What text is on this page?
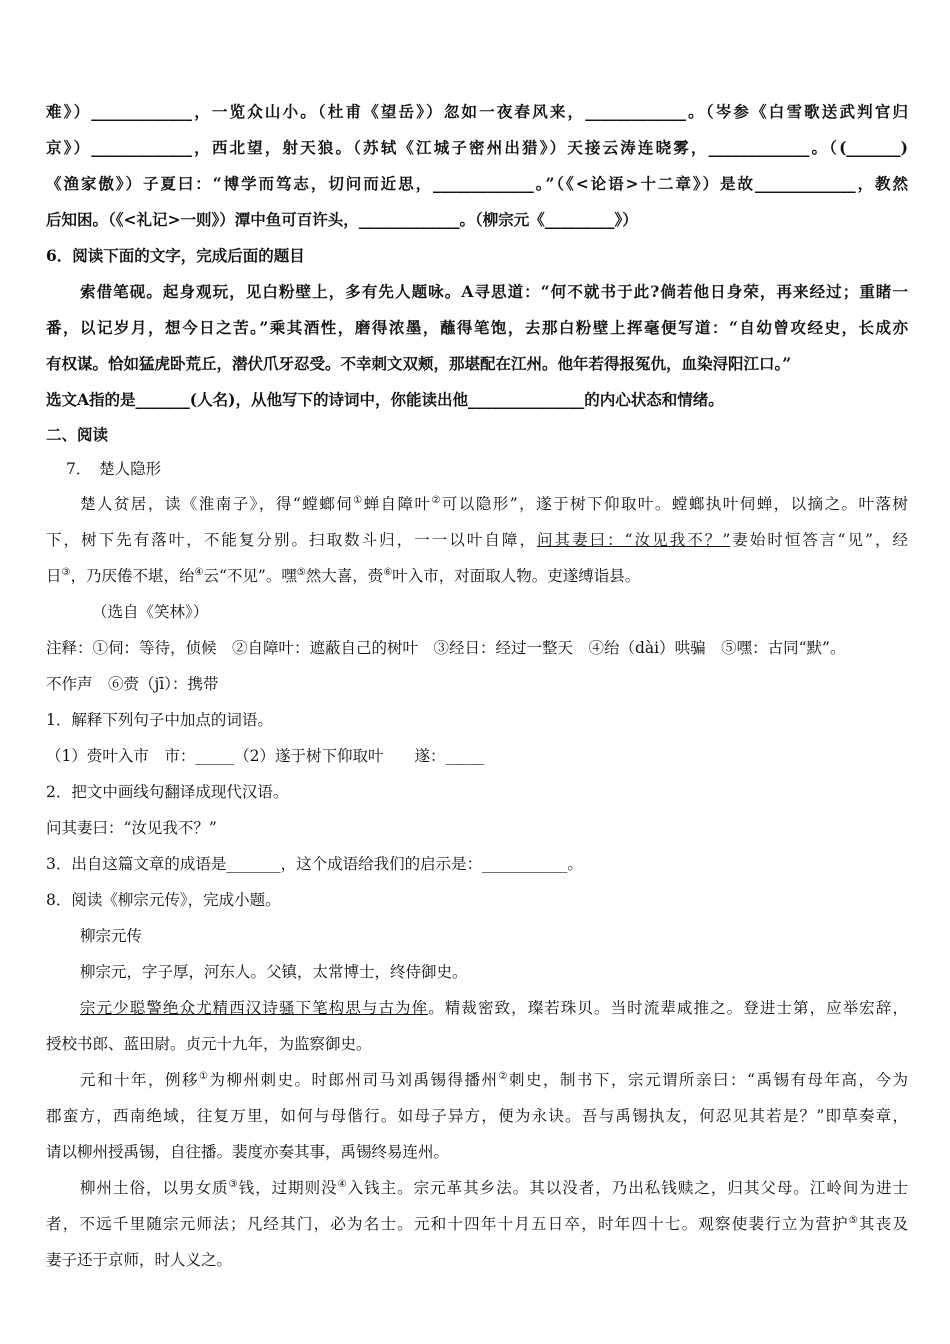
难》）_____________，一览众山小。（杜甫《望岳》）忽如一夜春风来，_____________。（岑参《白雪歌送武判官归
京》）_____________，西北望，射天狼。（苏轼《江城子密州出猎》）天接云涛连晓雾，_____________。（(_______)
《渔家傲》）子夏曰：“博学而笃志，切问而近思，_____________。”（《<论语>十二章》）是故_____________，教然
后知困。（《<礼记>一则》）潭中鱼可百许头，_____________。（柳宗元《_________》）
6．阅读下面的文字，完成后面的题目
索借笔砚。起身观玩，见白粉壁上，多有先人题咏。A寻思道：“何不就书于此?倘若他日身荣，再来经过；重睹一
番，以记岁月，想今日之苦。”乘其酒性，磨得浓墨，蘸得笔饱，去那白粉壁上挥毫便写道：“自幼曾攻经史，长成亦
有权谋。恰如猛虎卧荒丘，潜伏爪牙忍受。不幸刺文双颊，那堪配在江州。他年若得报冤仇，血染浔阳江口。”
选文A指的是_______(人名)，从他写下的诗词中，你能读出他_______________的内心状态和情绪。
二、阅读
7．　楚人隐形
楚人贫居，读《淮南子》，得“螳螂伺①蝉自障叶②可以隐形”，遂于树下仰取叶。螳螂执叶伺蝉，以摘之。叶落树
下，树下先有落叶，不能复分别。扫取数斗归，一一以叶自障，问其妻曰：“汝见我不？”妻始时恒答言“见”，经
日③，乃厌倦不堪，绐④云“不见”。嘿⑤然大喜，赍⑥叶入市，对面取人物。吏遂缚诣县。
（选自《笑林》）
注释：①伺：等待，侦候　②自障叶：遮蔽自己的树叶　③经日：经过一整天　④绐（dài）哄骗　⑤嘿：古同“默”。
不作声　⑥赍（jī）：携带
1．解释下列句子中加点的词语。
（1）赍叶入市　市：_____（2）遂于树下仰取叶　　遂：_____
2．把文中画线句翻译成现代汉语。
问其妻曰：“汝见我不？”
3．出自这篇文章的成语是_______，这个成语给我们的启示是：___________。
8．阅读《柳宗元传》，完成小题。
柳宗元传
柳宗元，字子厚，河东人。父镇，太常博士，终侍御史。
宗元少聪警绝众尤精西汉诗骚下笔构思与古为侔。精裁密致，璨若珠贝。当时流辈咸推之。登进士第，应举宏辞，
授校书郎、蓝田尉。贞元十九年，为监察御史。
元和十年，例移①为柳州刺史。时郎州司马刘禹锡得播州②刺史，制书下，宗元谓所亲曰：“禹锡有母年高，今为
郡蛮方，西南绝域，往复万里，如何与母偕行。如母子异方，便为永诀。吾与禹锡执友，何忍见其若是？”即草奏章，
请以柳州授禹锡，自往播。裴度亦奏其事，禹锡终易连州。
柳州土俗，以男女质③钱，过期则没④入钱主。宗元革其乡法。其以没者，乃出私钱赎之，归其父母。江岭间为进士
者，不远千里随宗元师法；凡经其门，必为名士。元和十四年十月五日卒，时年四十七。观察使裴行立为营护⑤其丧及
妻子还于京师，时人义之。
